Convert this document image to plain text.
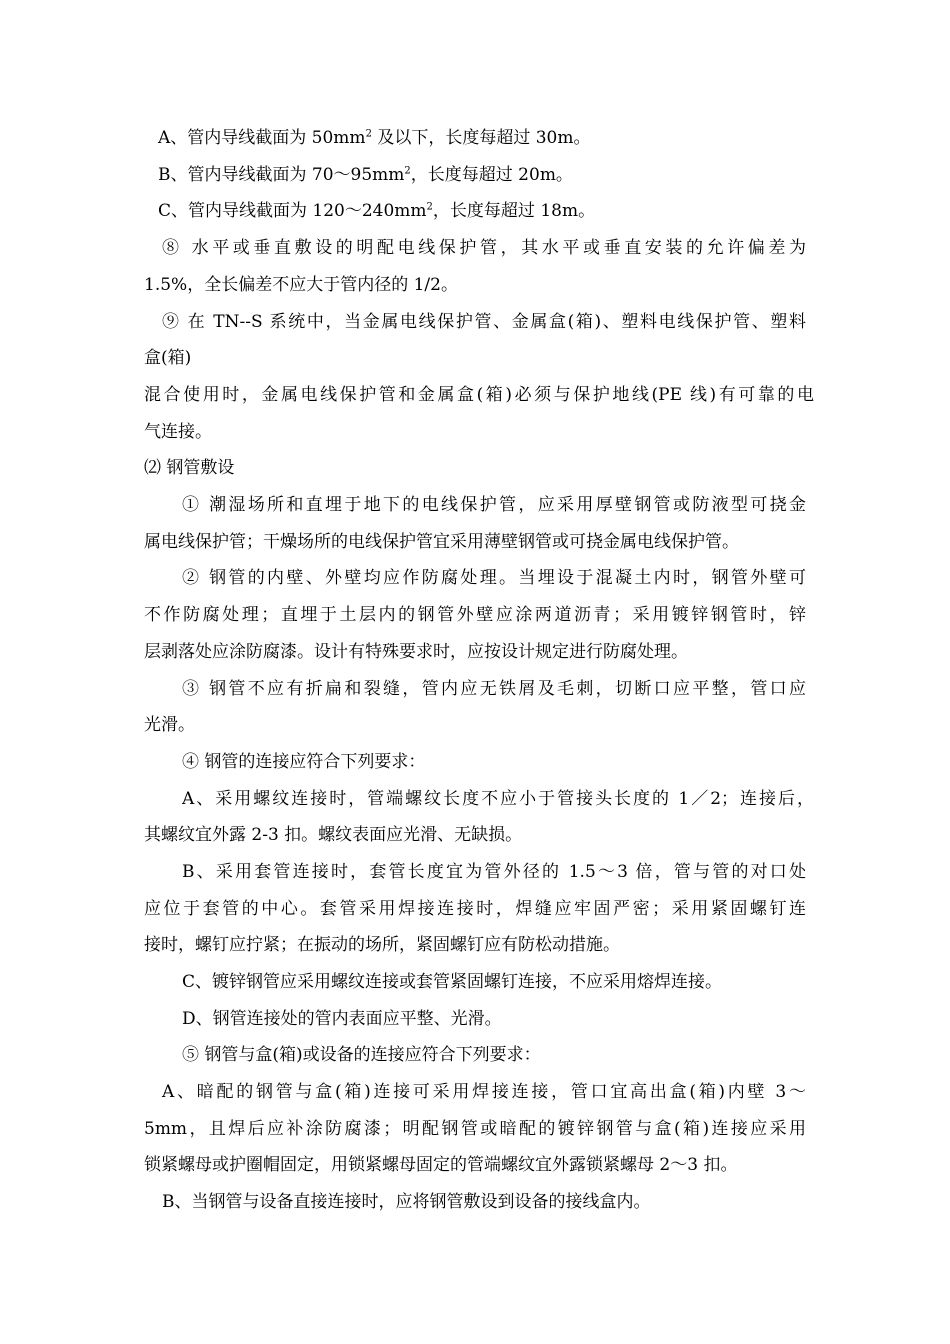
A、管内导线截面为 $50mm^2$ 及以下，长度每超过 30m。
B、管内导线截面为 $70\sim 95mm^2$，长度每超过 20m。
C、管内导线截面为 $120\sim 240mm^2$，长度每超过 18m。
⑧ 水平或垂直敷设的明配电线保护管，其水平或垂直安装的允许偏差为
1.5%，全长偏差不应大于管内径的 1/2。
⑨ 在 TN--S 系统中，当金属电线保护管、金属盒(箱)、塑料电线保护管、塑料
盒(箱)
混合使用时，金属电线保护管和金属盒(箱)必须与保护地线(PE 线)有可靠的电
气连接。
⑵ 钢管敷设
① 潮湿场所和直埋于地下的电线保护管，应采用厚壁钢管或防液型可挠金
属电线保护管；干燥场所的电线保护管宜采用薄壁钢管或可挠金属电线保护管。
② 钢管的内壁、外壁均应作防腐处理。当埋设于混凝土内时，钢管外壁可
不作防腐处理；直埋于土层内的钢管外壁应涂两道沥青；采用镀锌钢管时，锌
层剥落处应涂防腐漆。设计有特殊要求时，应按设计规定进行防腐处理。
③ 钢管不应有折扁和裂缝，管内应无铁屑及毛刺，切断口应平整，管口应
光滑。
④ 钢管的连接应符合下列要求：
A、采用螺纹连接时，管端螺纹长度不应小于管接头长度的 1／2；连接后，
其螺纹宜外露 2-3 扣。螺纹表面应光滑、无缺损。
B、采用套管连接时，套管长度宜为管外径的 1.5～3 倍，管与管的对口处
应位于套管的中心。套管采用焊接连接时，焊缝应牢固严密；采用紧固螺钉连
接时，螺钉应拧紧；在振动的场所，紧固螺钉应有防松动措施。
C、镀锌钢管应采用螺纹连接或套管紧固螺钉连接，不应采用熔焊连接。
D、钢管连接处的管内表面应平整、光滑。
⑤ 钢管与盒(箱)或设备的连接应符合下列要求：
A、暗配的钢管与盒(箱)连接可采用焊接连接，管口宜高出盒(箱)内壁 3～
5mm，且焊后应补涂防腐漆；明配钢管或暗配的镀锌钢管与盒(箱)连接应采用
锁紧螺母或护圈帽固定，用锁紧螺母固定的管端螺纹宜外露锁紧螺母 2～3 扣。
B、当钢管与设备直接连接时，应将钢管敷设到设备的接线盒内。
